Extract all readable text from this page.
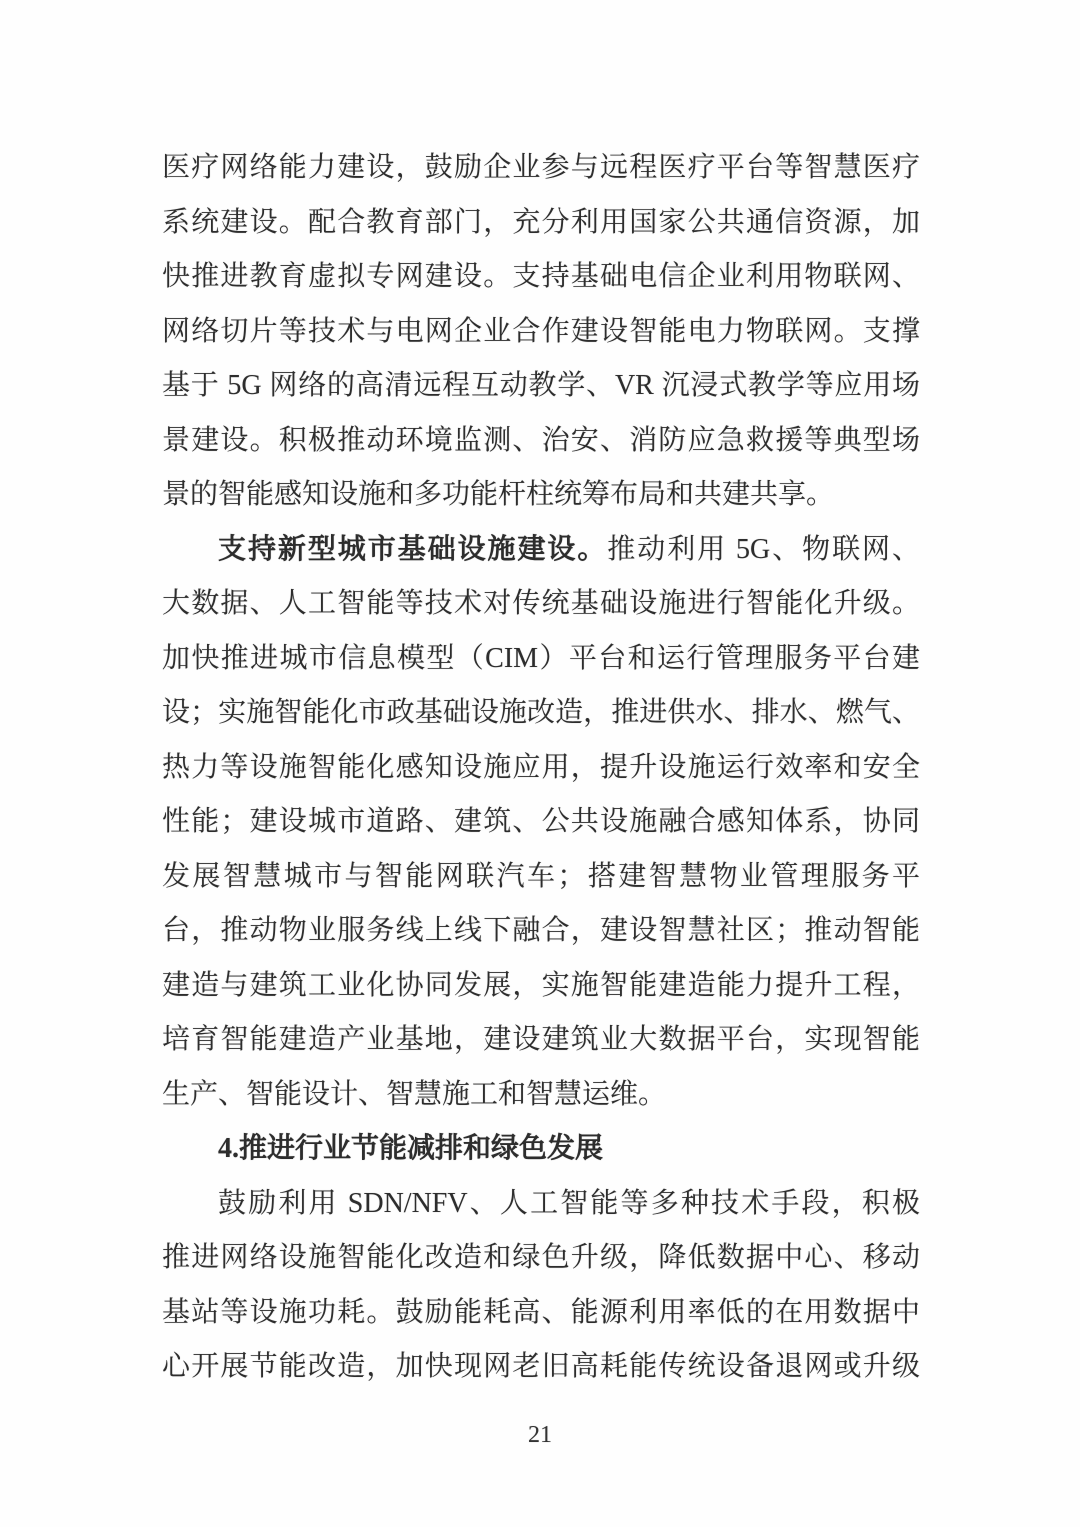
医疗网络能力建设，鼓励企业参与远程医疗平台等智慧医疗
系统建设。配合教育部门，充分利用国家公共通信资源，加
快推进教育虚拟专网建设。支持基础电信企业利用物联网、
网络切片等技术与电网企业合作建设智能电力物联网。支撑
基于 5G 网络的高清远程互动教学、VR 沉浸式教学等应用场
景建设。积极推动环境监测、治安、消防应急救援等典型场
景的智能感知设施和多功能杆柱统筹布局和共建共享。
支持新型城市基础设施建设。推动利用 5G、物联网、
大数据、人工智能等技术对传统基础设施进行智能化升级。
加快推进城市信息模型（CIM）平台和运行管理服务平台建
设；实施智能化市政基础设施改造，推进供水、排水、燃气、
热力等设施智能化感知设施应用，提升设施运行效率和安全
性能；建设城市道路、建筑、公共设施融合感知体系，协同
发展智慧城市与智能网联汽车；搭建智慧物业管理服务平
台，推动物业服务线上线下融合，建设智慧社区；推动智能
建造与建筑工业化协同发展，实施智能建造能力提升工程，
培育智能建造产业基地，建设建筑业大数据平台，实现智能
生产、智能设计、智慧施工和智慧运维。
4.推进行业节能减排和绿色发展
鼓励利用 SDN/NFV、人工智能等多种技术手段，积极
推进网络设施智能化改造和绿色升级，降低数据中心、移动
基站等设施功耗。鼓励能耗高、能源利用率低的在用数据中
心开展节能改造，加快现网老旧高耗能传统设备退网或升级
21
